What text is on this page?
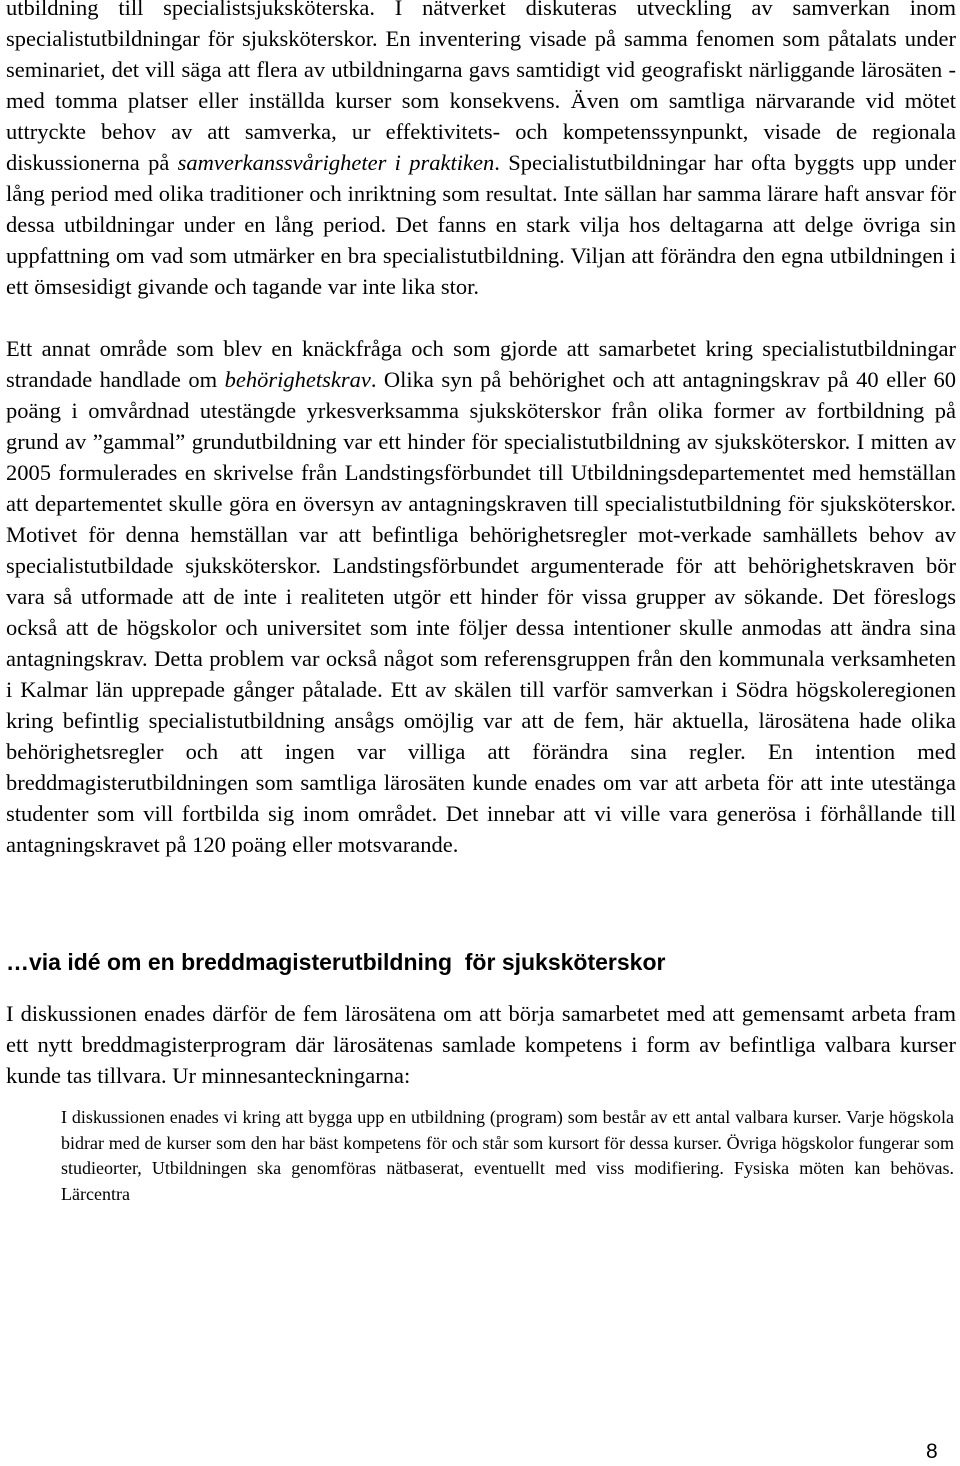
utbildning till specialistsjuksköterska. I nätverket diskuteras utveckling av samverkan inom specialistutbildningar för sjuksköterskor. En inventering visade på samma fenomen som påtalats under seminariet, det vill säga att flera av utbildningarna gavs samtidigt vid geografiskt närliggande lärosäten - med tomma platser eller inställda kurser som konsekvens. Även om samtliga närvarande vid mötet uttryckte behov av att samverka, ur effektivitets- och kompetenssynpunkt, visade de regionala diskussionerna på samverkanssvårigheter i praktiken. Specialistutbildningar har ofta byggts upp under lång period med olika traditioner och inriktning som resultat. Inte sällan har samma lärare haft ansvar för dessa utbildningar under en lång period. Det fanns en stark vilja hos deltagarna att delge övriga sin uppfattning om vad som utmärker en bra specialistutbildning. Viljan att förändra den egna utbildningen i ett ömsesidigt givande och tagande var inte lika stor.

Ett annat område som blev en knäckfråga och som gjorde att samarbetet kring specialistutbildningar strandade handlade om behörighetskrav. Olika syn på behörighet och att antagningskrav på 40 eller 60 poäng i omvårdnad utestängde yrkesverksamma sjuksköterskor från olika former av fortbildning på grund av ”gammal” grundutbildning var ett hinder för specialistutbildning av sjuksköterskor. I mitten av 2005 formulerades en skrivelse från Landstingsförbundet till Utbildningsdepartementet med hemställan att departementet skulle göra en översyn av antagningskraven till specialistutbildning för sjuksköterskor. Motivet för denna hemställan var att befintliga behörighetsregler mot-verkade samhällets behov av specialistutbildade sjuksköterskor. Landstingsförbundet argumenterade för att behörighetskraven bör vara så utformade att de inte i realiteten utgör ett hinder för vissa grupper av sökande. Det föreslogs också att de högskolor och universitet som inte följer dessa intentioner skulle anmodas att ändra sina antagningskrav. Detta problem var också något som referensgruppen från den kommunala verksamheten i Kalmar län upprepade gånger påtalade. Ett av skälen till varför samverkan i Södra högskoleregionen kring befintlig specialistutbildning ansågs omöjlig var att de fem, här aktuella, lärosätena hade olika behörighetsregler och att ingen var villiga att förändra sina regler. En intention med breddmagisterutbildningen som samtliga lärosäten kunde enades om var att arbeta för att inte utestänga studenter som vill fortbilda sig inom området. Det innebar att vi ville vara generösa i förhållande till antagningskravet på 120 poäng eller motsvarande.

…via idé om en breddmagisterutbildning  för sjuksköterskor

I diskussionen enades därför de fem lärosätena om att börja samarbetet med att gemensamt arbeta fram ett nytt breddmagisterprogram där lärosätenas samlade kompetens i form av befintliga valbara kurser kunde tas tillvara. Ur minnesanteckningarna:

I diskussionen enades vi kring att bygga upp en utbildning (program) som består av ett antal valbara kurser. Varje högskola bidrar med de kurser som den har bäst kompetens för och står som kursort för dessa kurser. Övriga högskolor fungerar som studieorter, Utbildningen ska genomföras nätbaserat, eventuellt med viss modifiering. Fysiska möten kan behövas. Lärcentra

8
